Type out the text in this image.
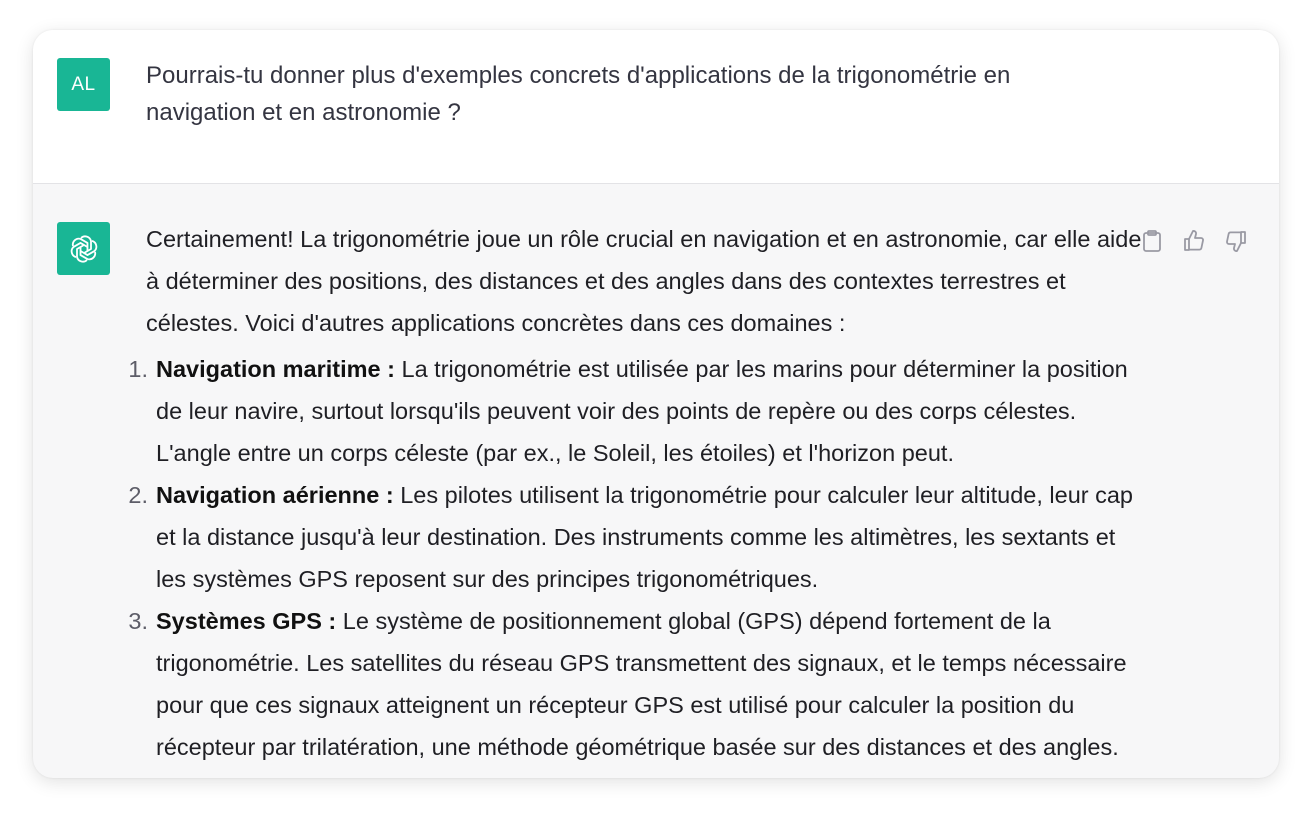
AL Pourrais-tu donner plus d'exemples concrets d'applications de la trigonométrie en navigation et en astronomie ?

Certainement! La trigonométrie joue un rôle crucial en navigation et en astronomie, car elle aide à déterminer des positions, des distances et des angles dans des contextes terrestres et célestes. Voici d'autres applications concrètes dans ces domaines :

1. Navigation maritime : La trigonométrie est utilisée par les marins pour déterminer la position de leur navire, surtout lorsqu'ils peuvent voir des points de repère ou des corps célestes. L'angle entre un corps céleste (par ex., le Soleil, les étoiles) et l'horizon peut.
2. Navigation aérienne : Les pilotes utilisent la trigonométrie pour calculer leur altitude, leur cap et la distance jusqu'à leur destination. Des instruments comme les altimètres, les sextants et les systèmes GPS reposent sur des principes trigonométriques.
3. Systèmes GPS : Le système de positionnement global (GPS) dépend fortement de la trigonométrie. Les satellites du réseau GPS transmettent des signaux, et le temps nécessaire pour que ces signaux atteignent un récepteur GPS est utilisé pour calculer la position du récepteur par trilatération, une méthode géométrique basée sur des distances et des angles.
